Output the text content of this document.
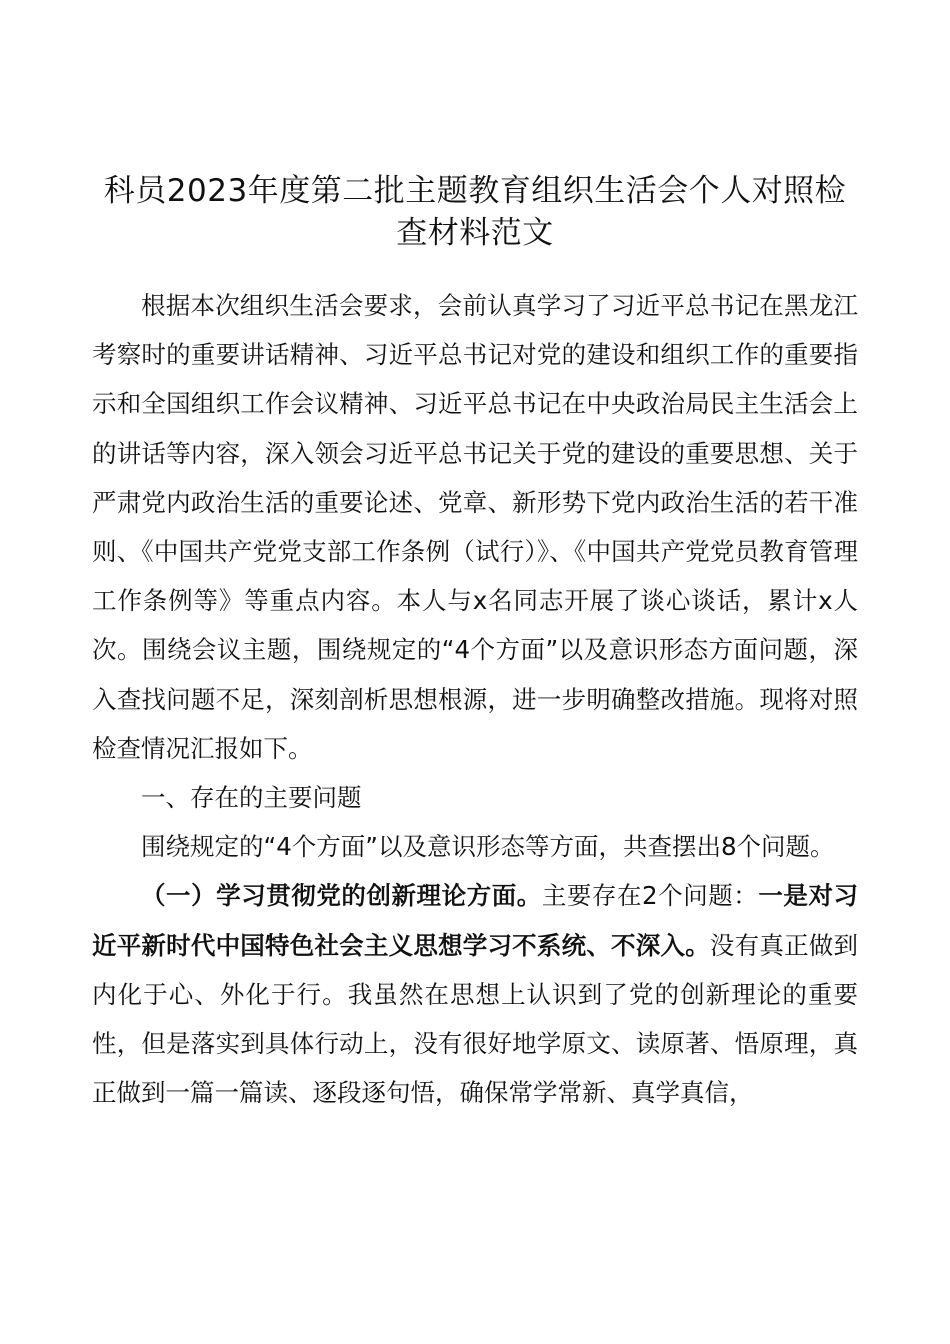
科员2023年度第二批主题教育组织生活会个人对照检查材料范文

根据本次组织生活会要求，会前认真学习了习近平总书记在黑龙江考察时的重要讲话精神、习近平总书记对党的建设和组织工作的重要指示和全国组织工作会议精神、习近平总书记在中央政治局民主生活会上的讲话等内容，深入领会习近平总书记关于党的建设的重要思想、关于严肃党内政治生活的重要论述、党章、新形势下党内政治生活的若干准则、《中国共产党党支部工作条例（试行）》、《中国共产党党员教育管理工作条例等》等重点内容。本人与x名同志开展了谈心谈话，累计x人次。围绕会议主题，围绕规定的“4个方面”以及意识形态方面问题，深入查找问题不足，深刻剖析思想根源，进一步明确整改措施。现将对照检查情况汇报如下。

一、存在的主要问题

围绕规定的“4个方面”以及意识形态等方面，共查摆出8个问题。

（一）学习贯彻党的创新理论方面。主要存在2个问题：一是对习近平新时代中国特色社会主义思想学习不系统、不深入。没有真正做到内化于心、外化于行。我虽然在思想上认识到了党的创新理论的重要性，但是落实到具体行动上，没有很好地学原文、读原著、悟原理，真正做到一篇一篇读、逐段逐句悟，确保常学常新、真学真信，
